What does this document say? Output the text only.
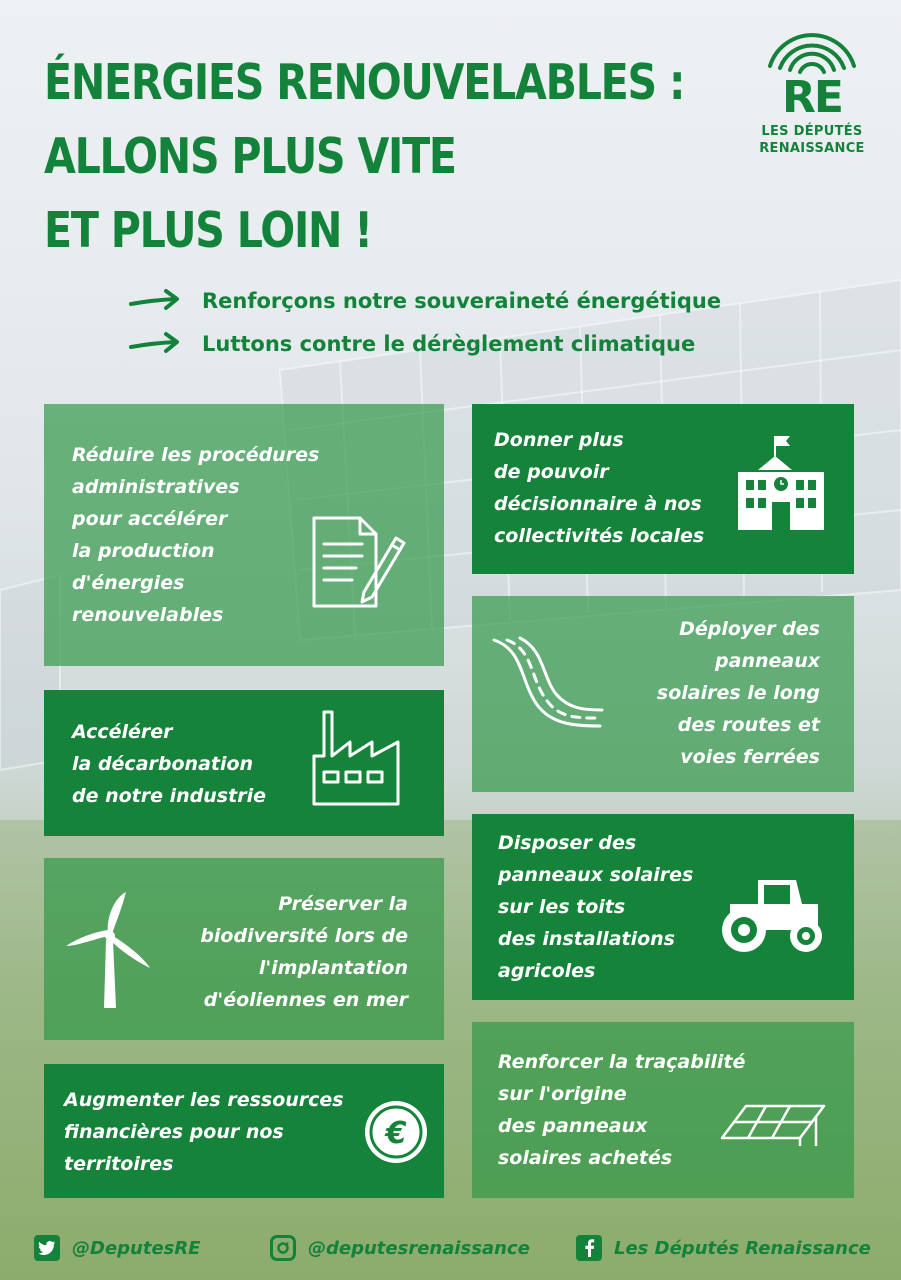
ÉNERGIES RENOUVELABLES :
ALLONS PLUS VITE
ET PLUS LOIN !
RE
LES DÉPUTÉS
RENAISSANCE
Renforçons notre souveraineté énergétique
Luttons contre le dérèglement climatique
Réduire les procédures
administratives
pour accélérer
la production
d'énergies
renouvelables
Donner plus
de pouvoir
décisionnaire à nos
collectivités locales
Déployer des
panneaux
solaires le long
des routes et
voies ferrées
Accélérer
la décarbonation
de notre industrie
Disposer des
panneaux solaires
sur les toits
des installations
agricoles
Préserver la
biodiversité lors de
l'implantation
d'éoliennes en mer
Renforcer la traçabilité
sur l'origine
des panneaux
solaires achetés
Augmenter les ressources
financières pour nos
territoires
€
@DeputesRE	@deputesrenaissance	Les Députés Renaissance
